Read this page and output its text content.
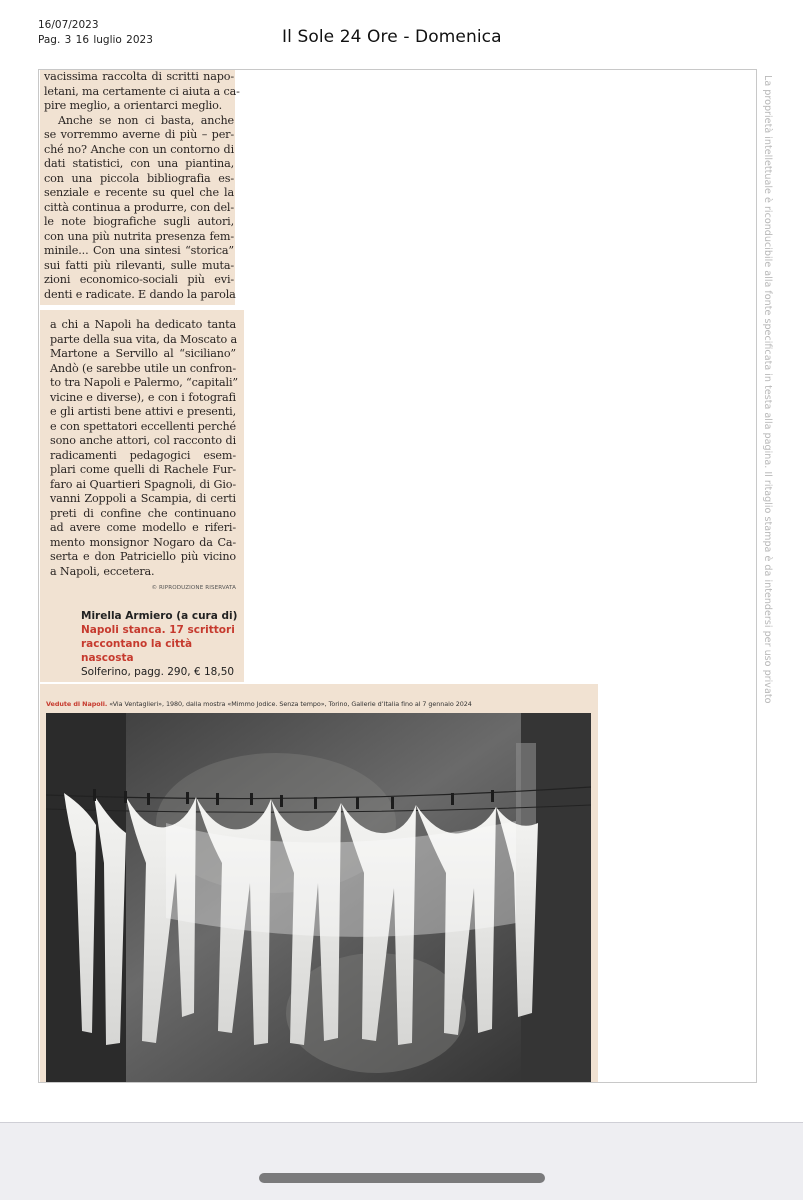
16/07/2023
Pag. 3 16 luglio 2023	Il Sole 24 Ore - Domenica
La proprietà intellettuale è riconducibile alla fonte specificata in testa alla pagina. Il ritaglio stampa è da intendersi per uso privato
vacissima raccolta di scritti napo-
letani, ma certamente ci aiuta a ca-
pire meglio, a orientarci meglio.
Anche se non ci basta, anche
se vorremmo averne di più – per-
ché no? Anche con un contorno di
dati statistici, con una piantina,
con una piccola bibliografia es-
senziale e recente su quel che la
città continua a produrre, con del-
le note biografiche sugli autori,
con una più nutrita presenza fem-
minile... Con una sintesi “storica”
sui fatti più rilevanti, sulle muta-
zioni economico-sociali più evi-
denti e radicate. E dando la parola
a chi a Napoli ha dedicato tanta
parte della sua vita, da Moscato a
Martone a Servillo al “siciliano”
Andò (e sarebbe utile un confron-
to tra Napoli e Palermo, “capitali”
vicine e diverse), e con i fotografi
e gli artisti bene attivi e presenti,
e con spettatori eccellenti perché
sono anche attori, col racconto di
radicamenti pedagogici esem-
plari come quelli di Rachele Fur-
faro ai Quartieri Spagnoli, di Gio-
vanni Zoppoli a Scampia, di certi
preti di confine che continuano
ad avere come modello e riferi-
mento monsignor Nogaro da Ca-
serta e don Patriciello più vicino
a Napoli, eccetera.
© RIPRODUZIONE RISERVATA
Mirella Armiero (a cura di)
Napoli stanca. 17 scrittori
raccontano la città nascosta
Solferino, pagg. 290, € 18,50
Vedute di Napoli. «Via Ventaglieri», 1980, dalla mostra «Mimmo Jodice. Senza tempo», Torino, Gallerie d’Italia fino al 7 gennaio 2024
